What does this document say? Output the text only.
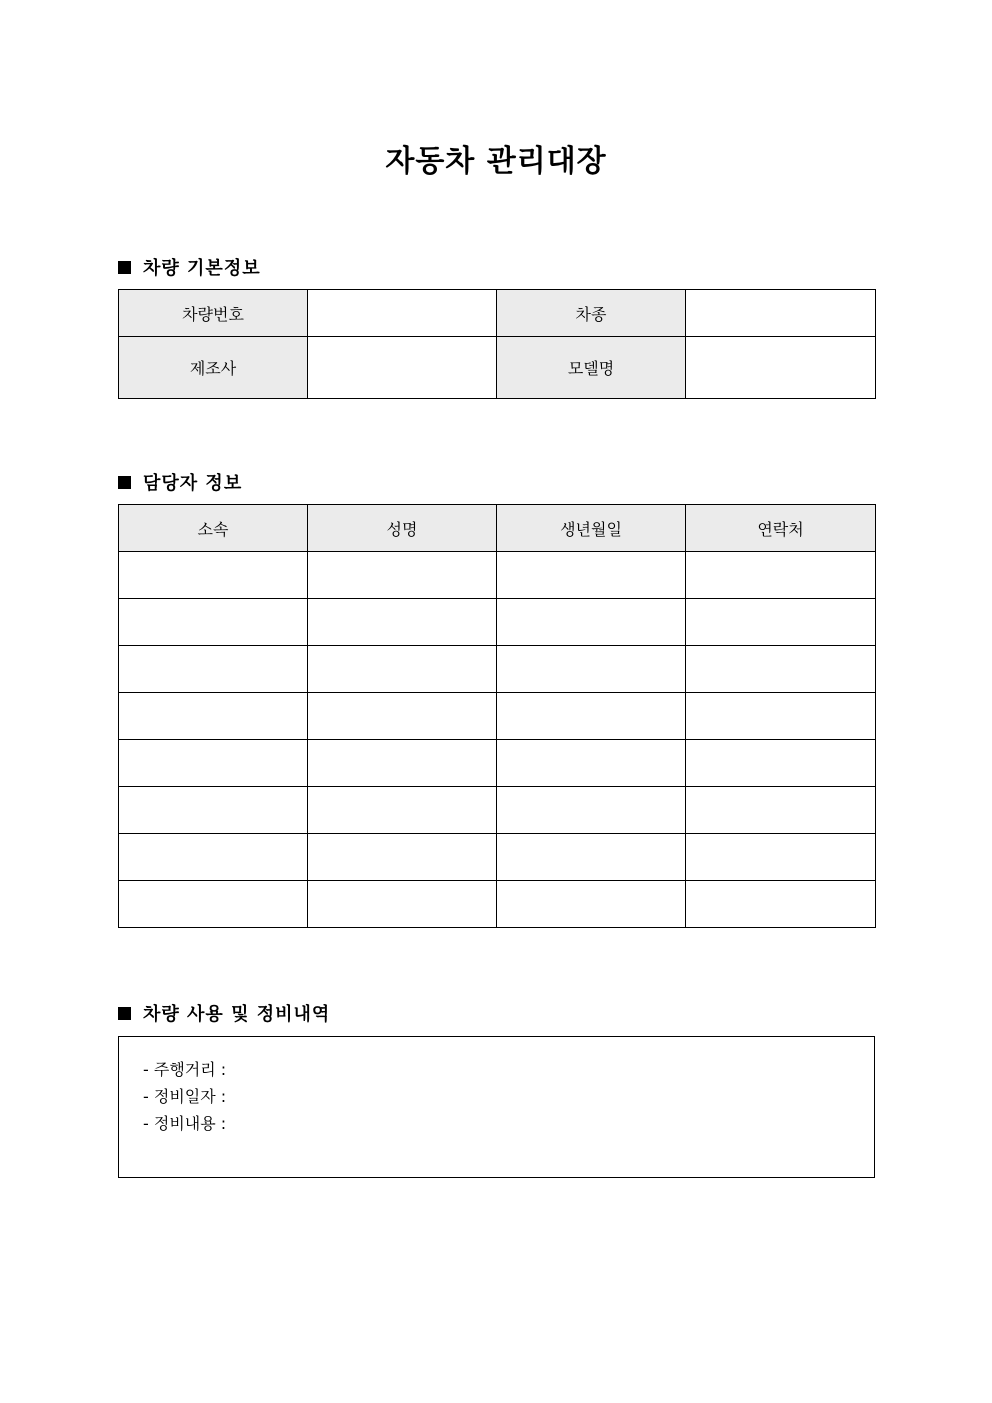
자동차 관리대장
차량 기본정보
차량번호		차종	
제조사		모델명	
담당자 정보
소속	성명	생년월일	연락처

차량 사용 및 정비내역
- 주행거리 :
- 정비일자 :
- 정비내용 :
